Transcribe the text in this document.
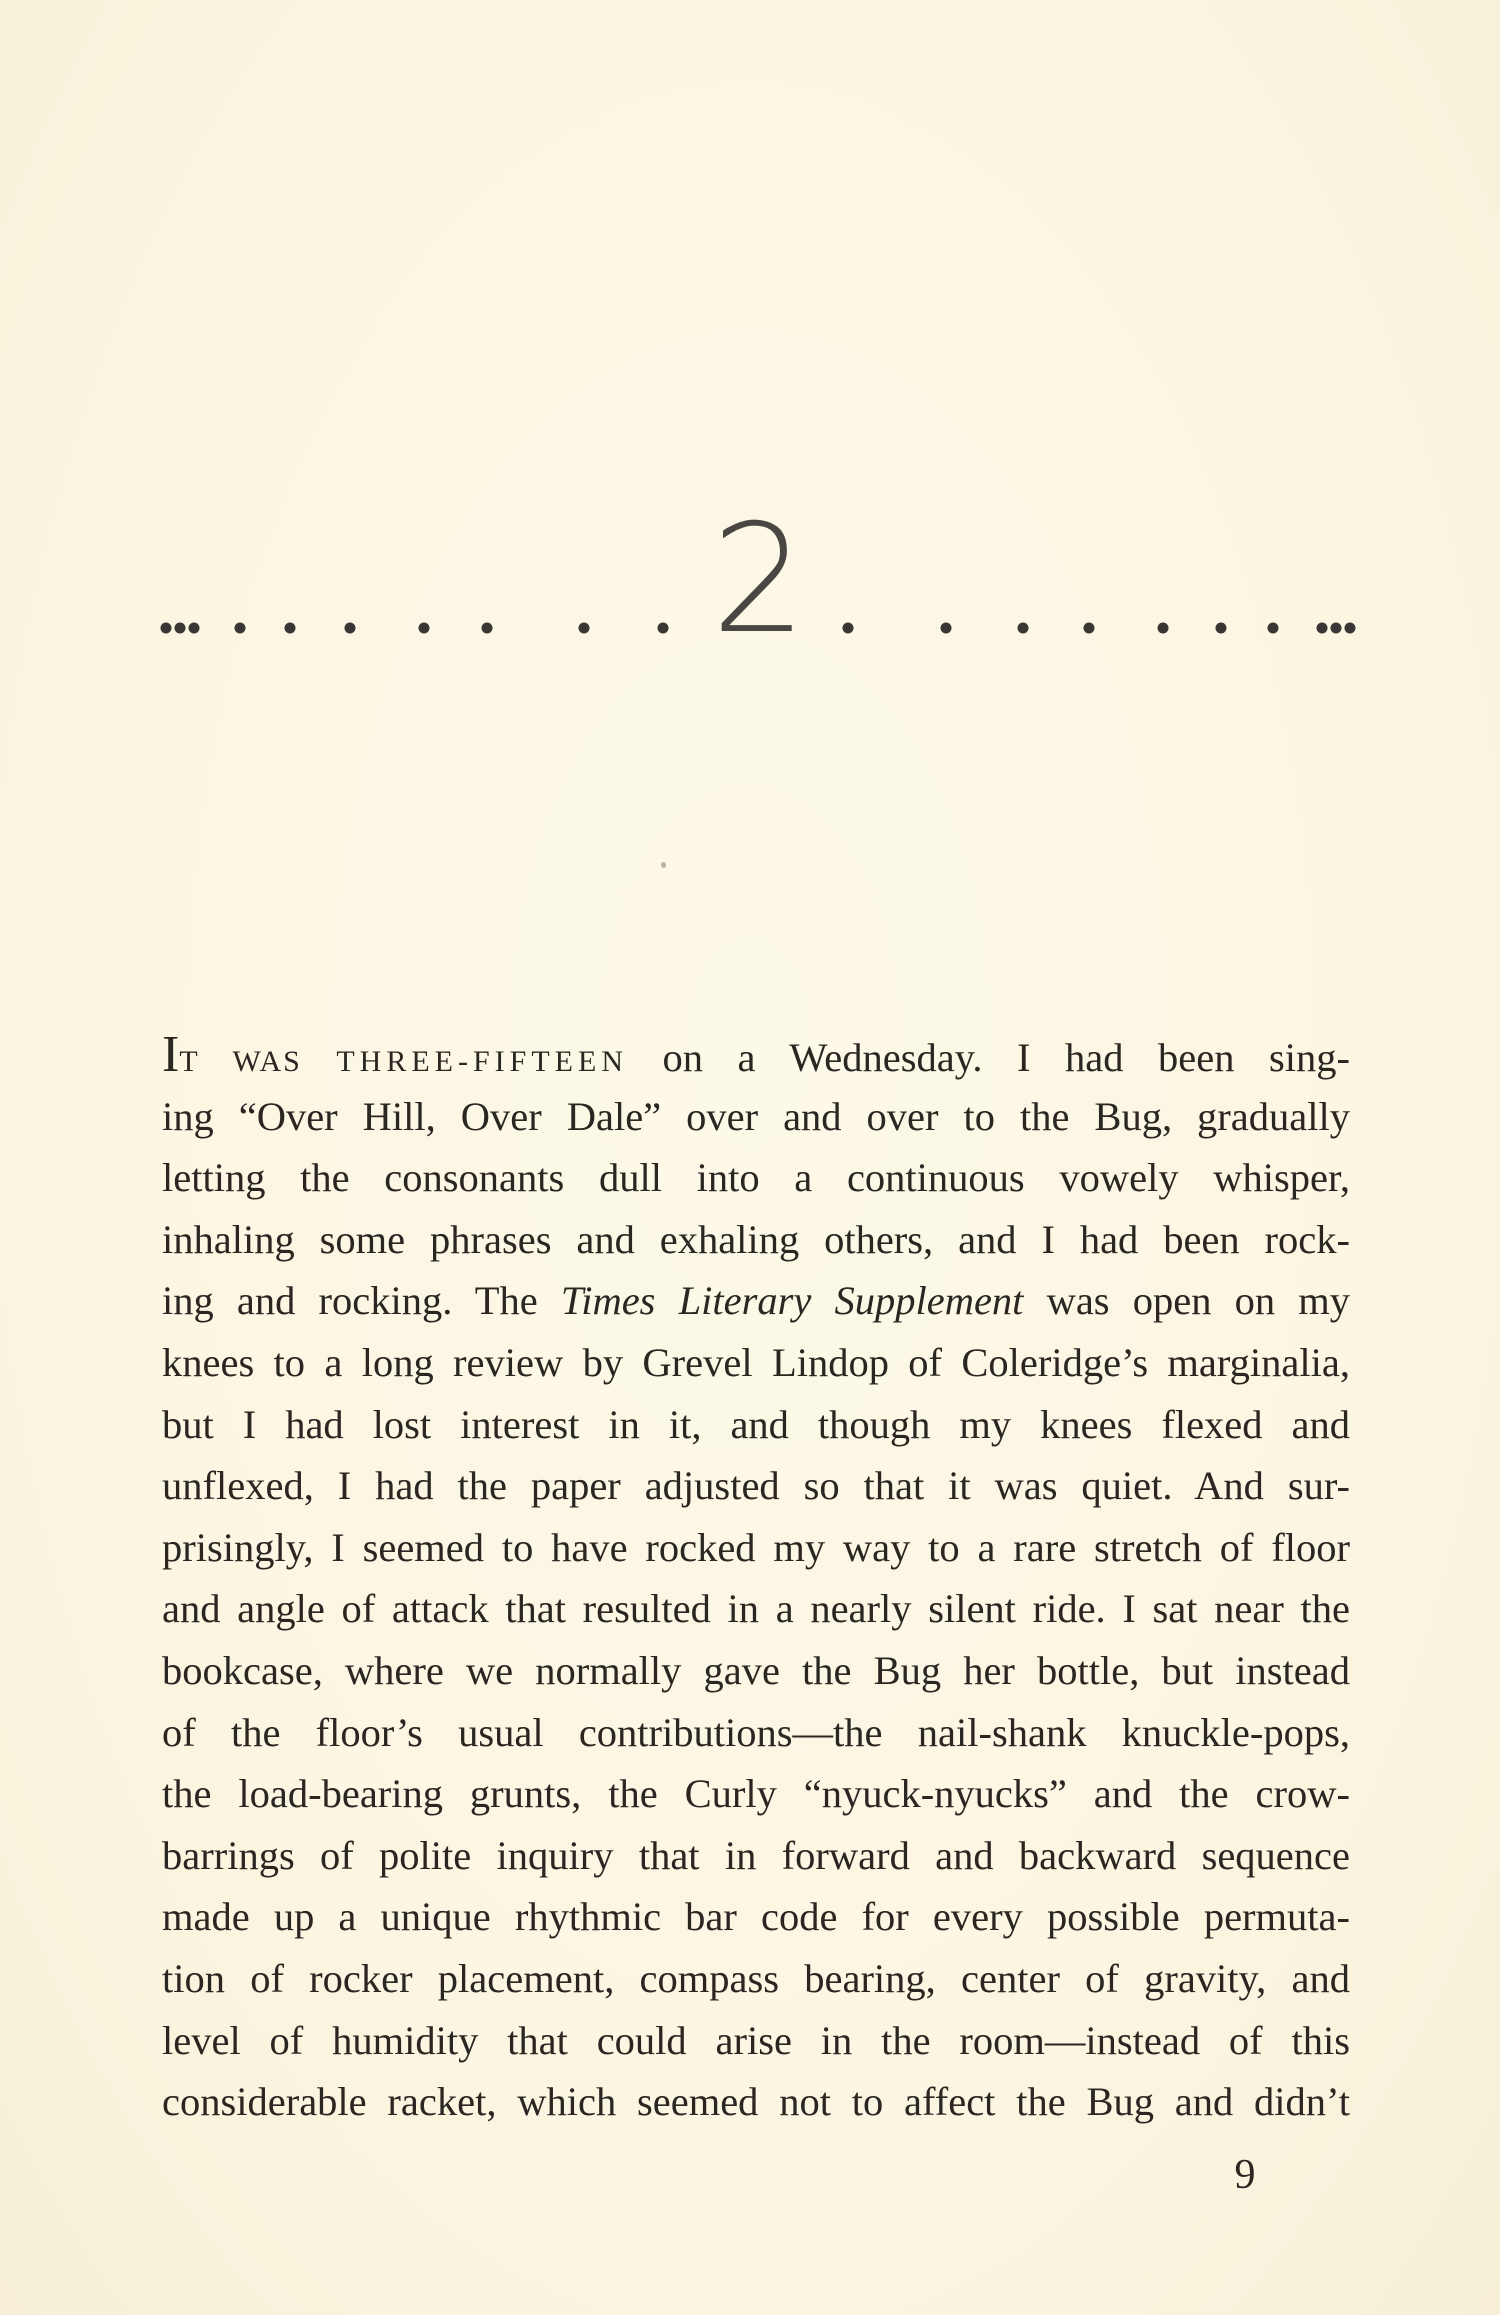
2
IT WAS THREE-FIFTEEN on a Wednesday. I had been sing-
ing “Over Hill, Over Dale” over and over to the Bug, gradually
letting the consonants dull into a continuous vowely whisper,
inhaling some phrases and exhaling others, and I had been rock-
ing and rocking. The Times Literary Supplement was open on my
knees to a long review by Grevel Lindop of Coleridge’s marginalia,
but I had lost interest in it, and though my knees flexed and
unflexed, I had the paper adjusted so that it was quiet. And sur-
prisingly, I seemed to have rocked my way to a rare stretch of floor
and angle of attack that resulted in a nearly silent ride. I sat near the
bookcase, where we normally gave the Bug her bottle, but instead
of the floor’s usual contributions—the nail-shank knuckle-pops,
the load-bearing grunts, the Curly “nyuck-nyucks” and the crow-
barrings of polite inquiry that in forward and backward sequence
made up a unique rhythmic bar code for every possible permuta-
tion of rocker placement, compass bearing, center of gravity, and
level of humidity that could arise in the room—instead of this
considerable racket, which seemed not to affect the Bug and didn’t
9
